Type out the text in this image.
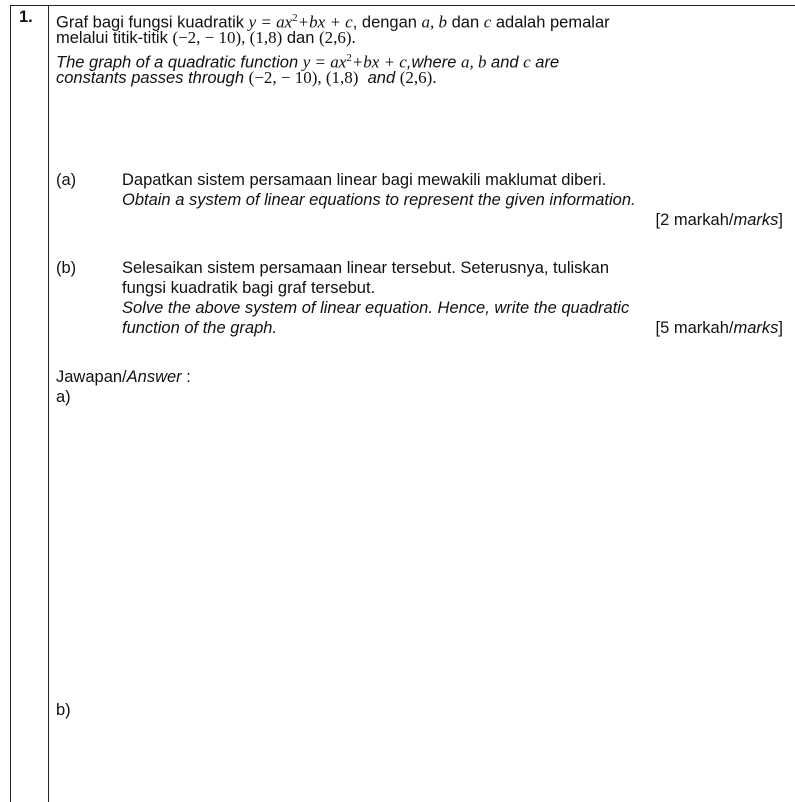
1. Graf bagi fungsi kuadratik $y = ax^2+bx + c$, dengan a, b dan c adalah pemalar
melalui titik-titik (−2, − 10), (1,8) dan (2,6).
The graph of a quadratic function $y = ax^2+bx$ + c,where a, b and c are
constants passes through (−2, − 10), (1,8)  and (2,6).
(a)	Dapatkan sistem persamaan linear bagi mewakili maklumat diberi.
Obtain a system of linear equations to represent the given information.
[2 markah/marks]
(b)	Selesaikan sistem persamaan linear tersebut. Seterusnya, tuliskan
fungsi kuadratik bagi graf tersebut.
Solve the above system of linear equation. Hence, write the quadratic
function of the graph.	[5 markah/marks]
Jawapan/Answer :
a)
b)
